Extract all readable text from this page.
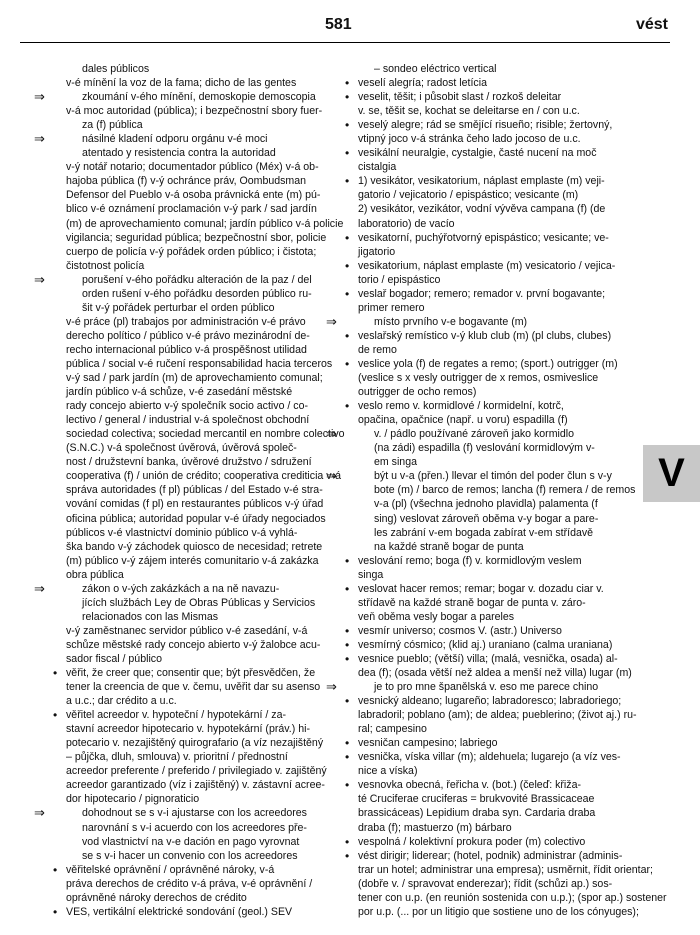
581	vést
dales públicos
v-é mínění la voz de la fama; dicho de las gentes
⇒ zkoumání v-ého mínění, demoskopie demoscopia
v-á moc autoridad (pública); i bezpečnostní sbory fuer-
za (f) pública
⇒ násilné kladení odporu orgánu v-é moci
atentado y resistencia contra la autoridad
v-ý notář notario; documentador público (Méx) v-á ob-
hajoba pública (f) v-ý ochránce práv, Oombudsman
Defensor del Pueblo v-á osoba právnická ente (m) pú-
blico v-é oznámení proclamación v-ý park / sad jardín
(m) de aprovechamiento comunal; jardín público v-á policie
vigilancia; seguridad pública; bezpečnostní sbor, policie
cuerpo de policía v-ý pořádek orden público; i čistota;
čistotnost policía
⇒ porušení v-ého pořádku alteración de la paz / del
orden rušení v-ého pořádku desorden público ru-
šit v-ý pořádek perturbar el orden público
v-é práce (pl) trabajos por administración v-é právo
derecho político / público v-é právo mezinárodní de-
recho internacional público v-á prospěšnost utilidad
pública / social v-é ručení responsabilidad hacia terceros
v-ý sad / park jardín (m) de aprovechamiento comunal;
jardín público v-á schůze, v-é zasedání městské
rady concejo abierto v-ý společník socio activo / co-
lectivo / general / industrial v-á společnost obchodní
sociedad colectiva; sociedad mercantil en nombre colectivo
(S.N.C.) v-á společnost úvěrová, úvěrová společ-
nost / družstevní banka, úvěrové družstvo / sdružení
cooperativa (f) / unión de crédito; cooperativa crediticia v-á
správa autoridades (f pl) públicas / del Estado v-é stra-
vování comidas (f pl) en restaurantes públicos v-ý úřad
oficina pública; autoridad popular v-é úřady negociados
públicos v-é vlastnictví dominio público v-á vyhlá-
ška bando v-ý záchodek quiosco de necesidad; retrete
(m) público v-ý zájem interés comunitario v-á zakázka
obra pública
⇒ zákon o v-ých zakázkách a na ně navazu-
jících službách Ley de Obras Públicas y Servicios
relacionados con las Mismas
v-ý zaměstnanec servidor público v-é zasedání, v-á
schůze městské rady concejo abierto v-ý žalobce acu-
sador fiscal / público
• věřit, že creer que; consentir que; být přesvědčen, že
tener la creencia de que v. čemu, uvěřit dar su asenso
a u.c.; dar crédito a u.c.
• věřitel acreedor v. hypoteční / hypotekární / za-
stavní acreedor hipotecario v. hypotekární (práv.) hi-
potecario v. nezajištěný quirografario (a víz nezajištěný
– půjčka, dluh, smlouva) v. prioritní / přednostní
acreedor preferente / preferido / privilegiado v. zajištěný
acreedor garantizado (víz i zajištěný) v. zástavní acree-
dor hipotecario / pignoraticio
⇒ dohodnout se s v-i ajustarse con los acreedores
narovnání s v-i acuerdo con los acreedores pře-
vod vlastnictví na v-e dación en pago vyrovnat
se s v-i hacer un convenio con los acreedores
• věřitelské oprávnění / oprávněné nároky, v-á
práva derechos de crédito v-á práva, v-é oprávnění /
oprávněné nároky derechos de crédito
• VES, vertikální elektrické sondování (geol.) SEV
– sondeo eléctrico vertical
• veselí alegría; radost letícia
• veselit, těšit; i působit slast / rozkoš deleitar
v. se, těšit se, kochat se deleitarse en / con u.c.
• veselý alegre; rád se smějící risueño; risible; žertovný,
vtipný joco v-á stránka čeho lado jocoso de u.c.
• vesikální neuralgie, cystalgie, časté nucení na moč
cistalgia
• 1) vesikátor, vesikatorium, náplast emplaste (m) veji-
gatorio / vejicatorio / epispástico; vesicante (m)
2) vesikátor, vezikátor, vodní vývěva campana (f) (de
laboratorio) de vacío
• vesikatorní, puchýřotvorný epispástico; vesicante; ve-
jigatorio
• vesikatorium, náplast emplaste (m) vesicatorio / vejica-
torio / epispástico
• veslař bogador; remero; remador v. první bogavante;
primer remero
⇒ místo prvního v-e bogavante (m)
• veslařský remístico v-ý klub club (m) (pl clubs, clubes)
de remo
• veslice yola (f) de regates a remo; (sport.) outrigger (m)
(veslice s x vesly outrigger de x remos, osmiveslice
outrigger de ocho remos)
• veslo remo v. kormidlové / kormidelní, kotrč,
opačina, opačnice (např. u voru) espadilla (f)
⇒ v. / pádlo používané zároveň jako kormidlo
(na zádi) espadilla (f) veslování kormidlovým v-
em singa
⇒ být u v-a (přen.) llevar el timón del poder člun s v-y
bote (m) / barco de remos; lancha (f) remera / de remos
v-a (pl) (všechna jednoho plavidla) palamenta (f
sing) veslovat zároveň oběma v-y bogar a pare-
les zabrání v-em bogada zabírat v-em střídavě
na každé straně bogar de punta
• veslování remo; boga (f) v. kormidlovým veslem
singa
• veslovat hacer remos; remar; bogar v. dozadu ciar v.
střídavě na každé straně bogar de punta v. záro-
veň oběma vesly bogar a pareles
• vesmír universo; cosmos V. (astr.) Universo
• vesmírný cósmico; (klid aj.) uraniano (calma uraniana)
• vesnice pueblo; (větší) villa; (malá, vesnička, osada) al-
dea (f); (osada větší než aldea a menší než villa) lugar (m)
⇒ je to pro mne španělská v. eso me parece chino
• vesnický aldeano; lugareño; labradoresco; labradoriego;
labradoril; poblano (am); de aldea; pueblerino; (život aj.) ru-
ral; campesino
• vesničan campesino; labriego
• vesnička, víska villar (m); aldehuela; lugarejo (a víz ves-
nice a víska)
• vesnovka obecná, řeřicha v. (bot.) (čeleď: křiža-
té Cruciferae cruciferas = brukvovité Brassicaceae
brassicáceas) Lepidium draba syn. Cardaria draba
draba (f); mastuerzo (m) bárbaro
• vespolná / kolektivní prokura poder (m) colectivo
• vést dirigir; liderear; (hotel, podnik) administrar (adminis-
trar un hotel; administrar una empresa); usměrnit, řídit orientar;
(dobře v. / spravovat enderezar); řídit (schůzi ap.) sos-
tener con u.p. (en reunión sostenida con u.p.); (spor ap.) sostener
por u.p. (... por un litigio que sostiene uno de los cónyuges);
V
